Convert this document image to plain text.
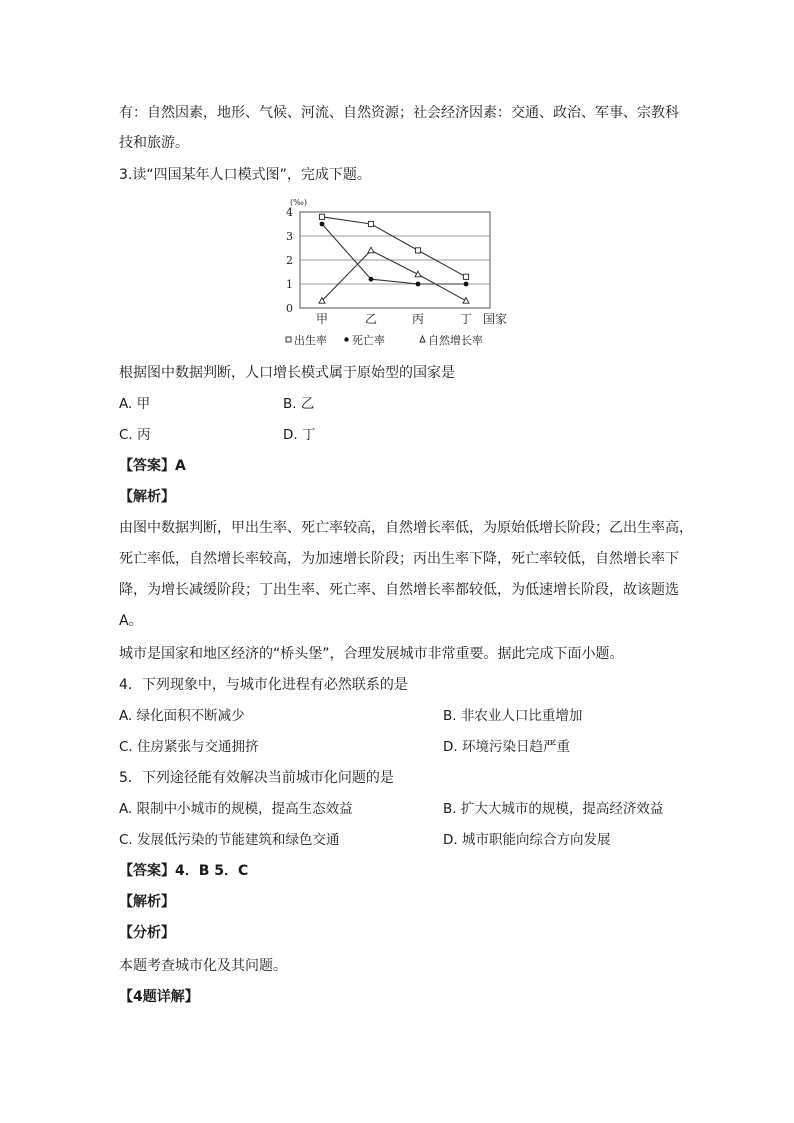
有：自然因素，地形、气候、河流、自然资源；社会经济因素：交通、政治、军事、宗教科
技和旅游。
3.读“四国某年人口模式图”，完成下题。
0
1
2
3
4
(‰)
甲	乙	丙	丁 国家
出生率 死亡率	自然增长率
根据图中数据判断，人口增长模式属于原始型的国家是
A. 甲	B. 乙
C. 丙	D. 丁
【答案】A
【解析】
由图中数据判断，甲出生率、死亡率较高，自然增长率低，为原始低增长阶段；乙出生率高，
死亡率低，自然增长率较高，为加速增长阶段；丙出生率下降，死亡率较低，自然增长率下
降，为增长减缓阶段；丁出生率、死亡率、自然增长率都较低，为低速增长阶段，故该题选
A。
城市是国家和地区经济的“桥头堡”，合理发展城市非常重要。据此完成下面小题。
4．下列现象中，与城市化进程有必然联系的是
A. 绿化面积不断减少	B. 非农业人口比重增加
C. 住房紧张与交通拥挤	D. 环境污染日趋严重
5．下列途径能有效解决当前城市化问题的是
A. 限制中小城市的规模，提高生态效益	B. 扩大大城市的规模，提高经济效益
C. 发展低污染的节能建筑和绿色交通	D. 城市职能向综合方向发展
【答案】4．B 5．C
【解析】
【分析】
本题考查城市化及其问题。
【4题详解】
